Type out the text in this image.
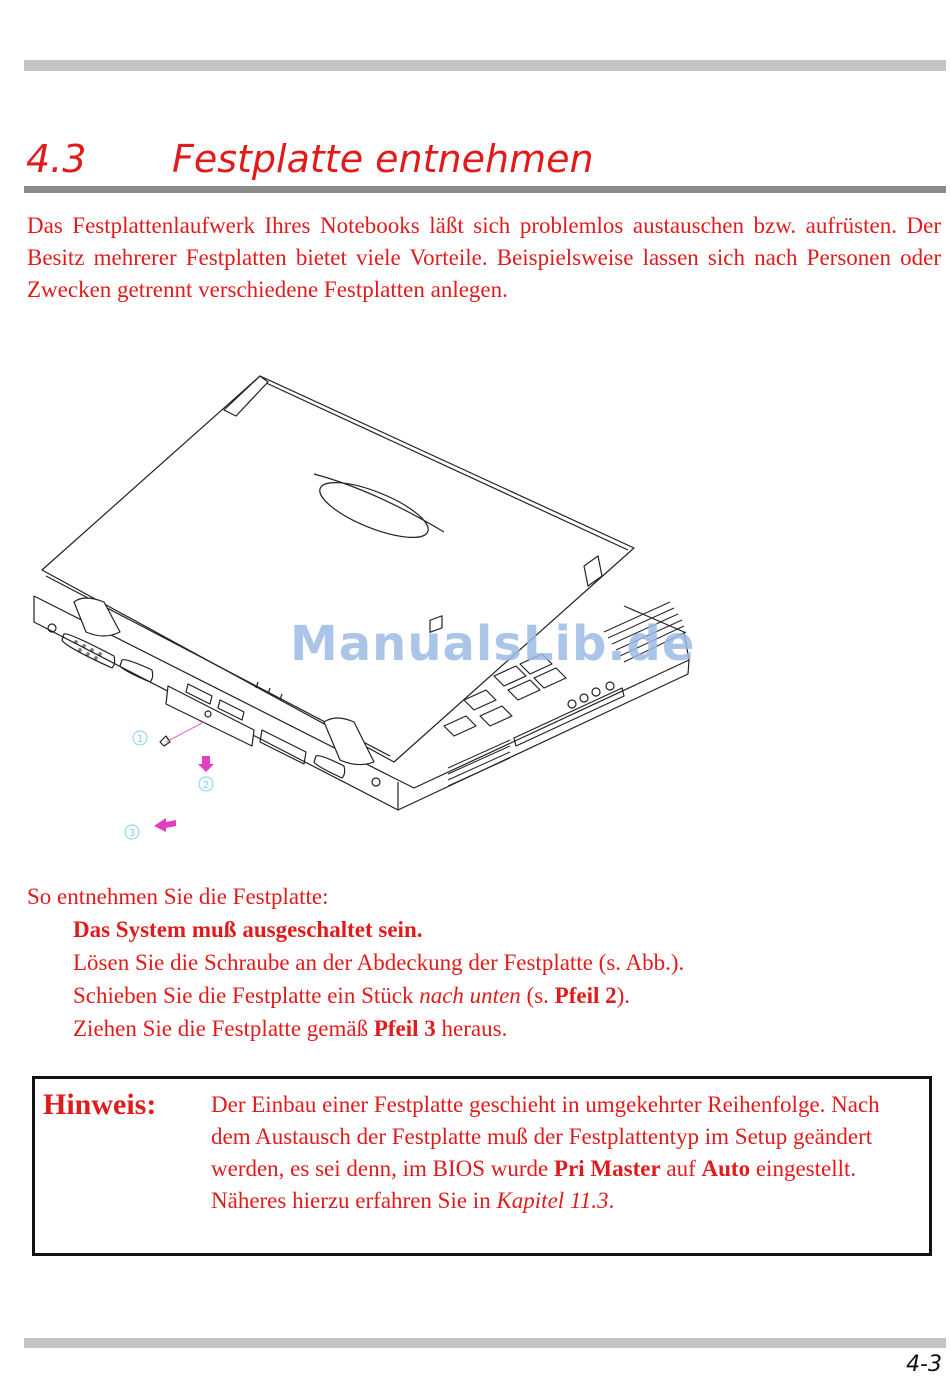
4.3 Festplatte entnehmen

Das Festplattenlaufwerk Ihres Notebooks läßt sich problemlos austauschen bzw. aufrüsten. Der Besitz mehrerer Festplatten bietet viele Vorteile. Beispielsweise lassen sich nach Personen oder Zwecken getrennt verschiedene Festplatten anlegen.

1
2
3
ManualsLib.de

So entnehmen Sie die Festplatte:

Das System muß ausgeschaltet sein.

Lösen Sie die Schraube an der Abdeckung der Festplatte (s. Abb.).

Schieben Sie die Festplatte ein Stück nach unten (s. Pfeil 2).

Ziehen Sie die Festplatte gemäß Pfeil 3 heraus.

Hinweis: Der Einbau einer Festplatte geschieht in umgekehrter Reihenfolge. Nach dem Austausch der Festplatte muß der Festplattentyp im Setup geändert werden, es sei denn, im BIOS wurde Pri Master auf Auto eingestellt. Näheres hierzu erfahren Sie in Kapitel 11.3.

4-3
